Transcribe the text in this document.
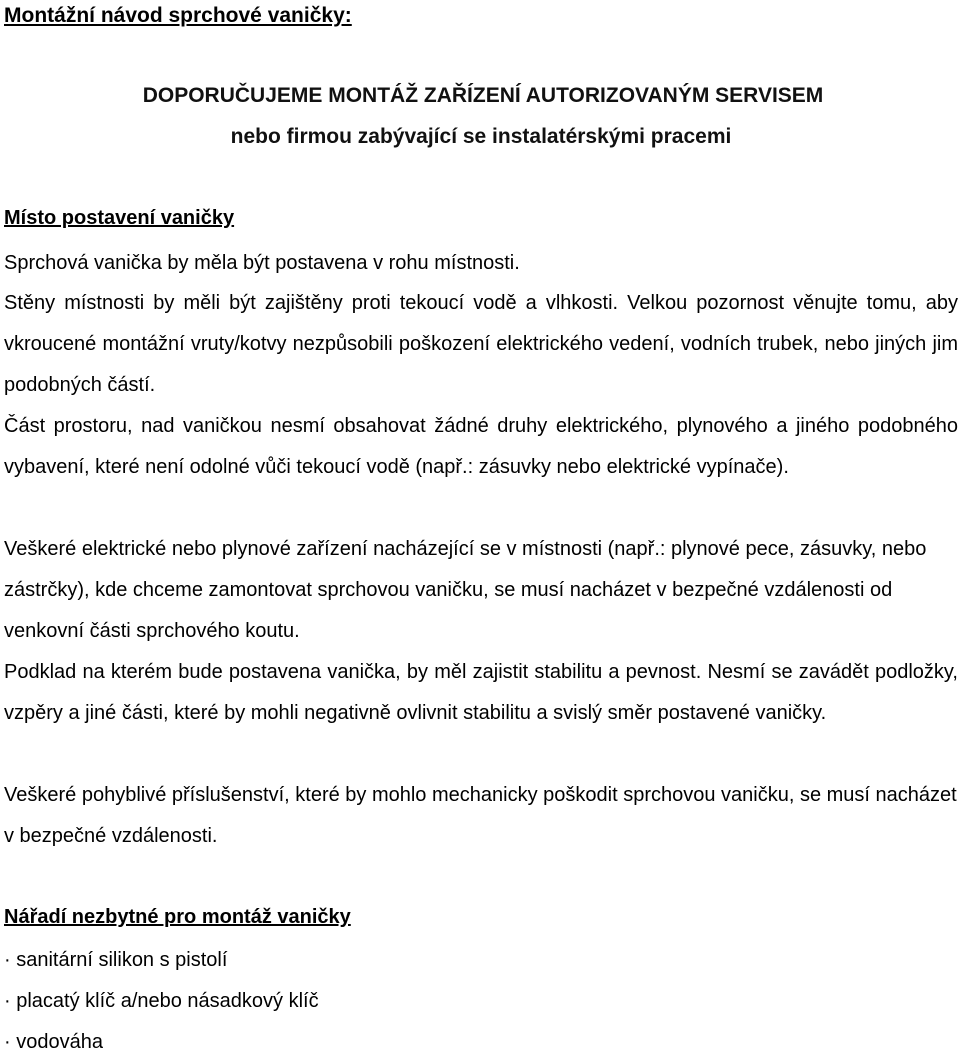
Montážní návod sprchové vaničky:
DOPORUČUJEME MONTÁŽ ZAŘÍZENÍ AUTORIZOVANÝM SERVISEM
nebo firmou zabývající se instalatérskými pracemi
Místo postavení vaničky

Sprchová vanička by měla být postavena v rohu místnosti.

Stěny místnosti by měli být zajištěny proti tekoucí vodě a vlhkosti. Velkou pozornost věnujte tomu, aby vkroucené montážní vruty/kotvy nezpůsobili poškození elektrického vedení, vodních trubek, nebo jiných jim podobných částí.

Část prostoru, nad vaničkou nesmí obsahovat žádné druhy elektrického, plynového a jiného podobného vybavení, které není odolné vůči tekoucí vodě (např.: zásuvky nebo elektrické vypínače).

Veškeré elektrické nebo plynové zařízení nacházející se v místnosti (např.: plynové pece, zásuvky, nebo zástrčky), kde chceme zamontovat sprchovou vaničku, se musí nacházet v bezpečné vzdálenosti od venkovní části sprchového koutu.

Podklad na kterém bude postavena vanička, by měl zajistit stabilitu a pevnost. Nesmí se zavádět podložky, vzpěry a jiné části, které by mohli negativně ovlivnit stabilitu a svislý směr postavené vaničky.

Veškeré pohyblivé příslušenství, které by mohlo mechanicky poškodit sprchovou vaničku, se musí nacházet v bezpečné vzdálenosti.

Nářadí nezbytné pro montáž vaničky
· sanitární silikon s pistolí
· placatý klíč a/nebo násadkový klíč
· vodováha
